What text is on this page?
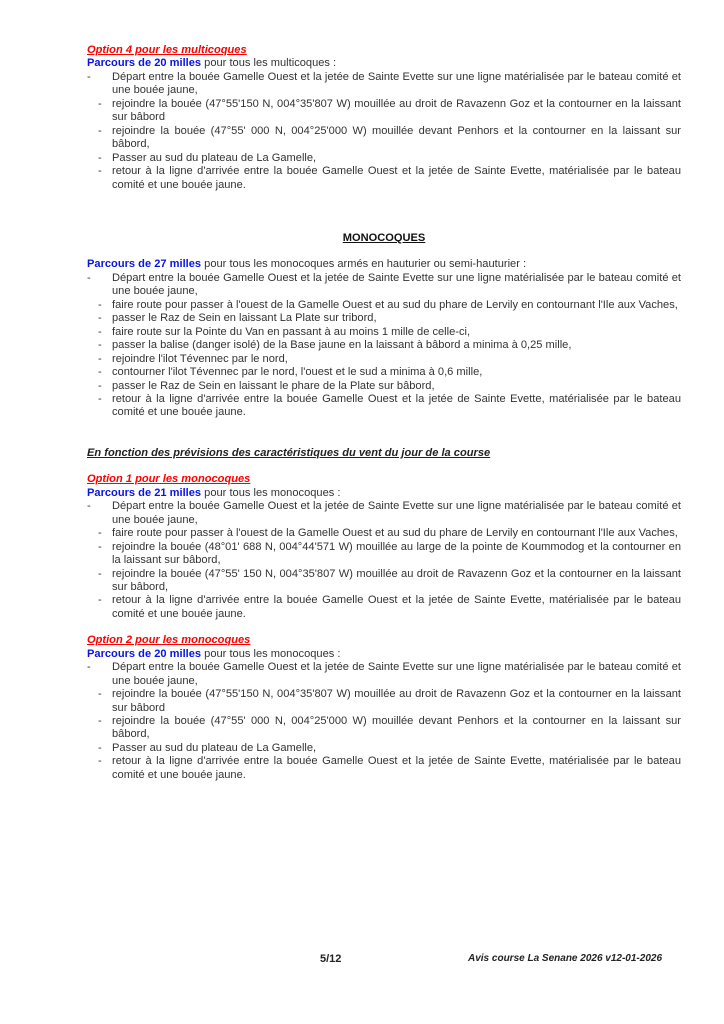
Option 4 pour les multicoques
Parcours de 20 milles pour tous les multicoques :
- Départ entre la bouée Gamelle Ouest et la jetée de Sainte Evette sur une ligne matérialisée par le bateau comité et une bouée jaune,
- rejoindre la bouée (47°55'150 N, 004°35'807 W) mouillée au droit de Ravazenn Goz et la contourner en la laissant sur bâbord
- rejoindre la bouée (47°55' 000 N, 004°25'000 W) mouillée devant Penhors et la contourner en la laissant sur bâbord,
- Passer au sud du plateau de La Gamelle,
- retour à la ligne d'arrivée entre la bouée Gamelle Ouest et la jetée de Sainte Evette, matérialisée par le bateau comité et une bouée jaune.
MONOCOQUES
Parcours de 27 milles pour tous les monocoques armés en hauturier ou semi-hauturier :
- Départ entre la bouée Gamelle Ouest et la jetée de Sainte Evette sur une ligne matérialisée par le bateau comité et une bouée jaune,
- faire route pour passer à l'ouest de la Gamelle Ouest et au sud du phare de Lervily en contournant l'Ile aux Vaches,
- passer le Raz de Sein en laissant La Plate sur tribord,
- faire route sur la Pointe du Van en passant à au moins 1 mille de celle-ci,
- passer la balise (danger isolé) de la Base jaune en la laissant à bâbord a minima à 0,25 mille,
- rejoindre l'ilot Tévennec par le nord,
- contourner l'ilot Tévennec par le nord, l'ouest et le sud a minima à 0,6 mille,
- passer le Raz de Sein en laissant le phare de la Plate sur bâbord,
- retour à la ligne d'arrivée entre la bouée Gamelle Ouest et la jetée de Sainte Evette, matérialisée par le bateau comité et une bouée jaune.
En fonction des prévisions des caractéristiques du vent du jour de la course
Option 1 pour les monocoques
Parcours de 21 milles pour tous les monocoques :
- Départ entre la bouée Gamelle Ouest et la jetée de Sainte Evette sur une ligne matérialisée par le bateau comité et une bouée jaune,
- faire route pour passer à l'ouest de la Gamelle Ouest et au sud du phare de Lervily en contournant l'Ile aux Vaches,
- rejoindre la bouée (48°01' 688 N, 004°44'571 W) mouillée au large de la pointe de Koummodog et la contourner en la laissant sur bâbord,
- rejoindre la bouée (47°55' 150 N, 004°35'807 W) mouillée au droit de Ravazenn Goz et la contourner en la laissant sur bâbord,
- retour à la ligne d'arrivée entre la bouée Gamelle Ouest et la jetée de Sainte Evette, matérialisée par le bateau comité et une bouée jaune.
Option 2 pour les monocoques
Parcours de 20 milles pour tous les monocoques :
- Départ entre la bouée Gamelle Ouest et la jetée de Sainte Evette sur une ligne matérialisée par le bateau comité et une bouée jaune,
- rejoindre la bouée (47°55'150 N, 004°35'807 W) mouillée au droit de Ravazenn Goz et la contourner en la laissant sur bâbord
- rejoindre la bouée (47°55' 000 N, 004°25'000 W) mouillée devant Penhors et la contourner en la laissant sur bâbord,
- Passer au sud du plateau de La Gamelle,
- retour à la ligne d'arrivée entre la bouée Gamelle Ouest et la jetée de Sainte Evette, matérialisée par le bateau comité et une bouée jaune.
5/12	Avis course La Senane 2026 v12-01-2026
